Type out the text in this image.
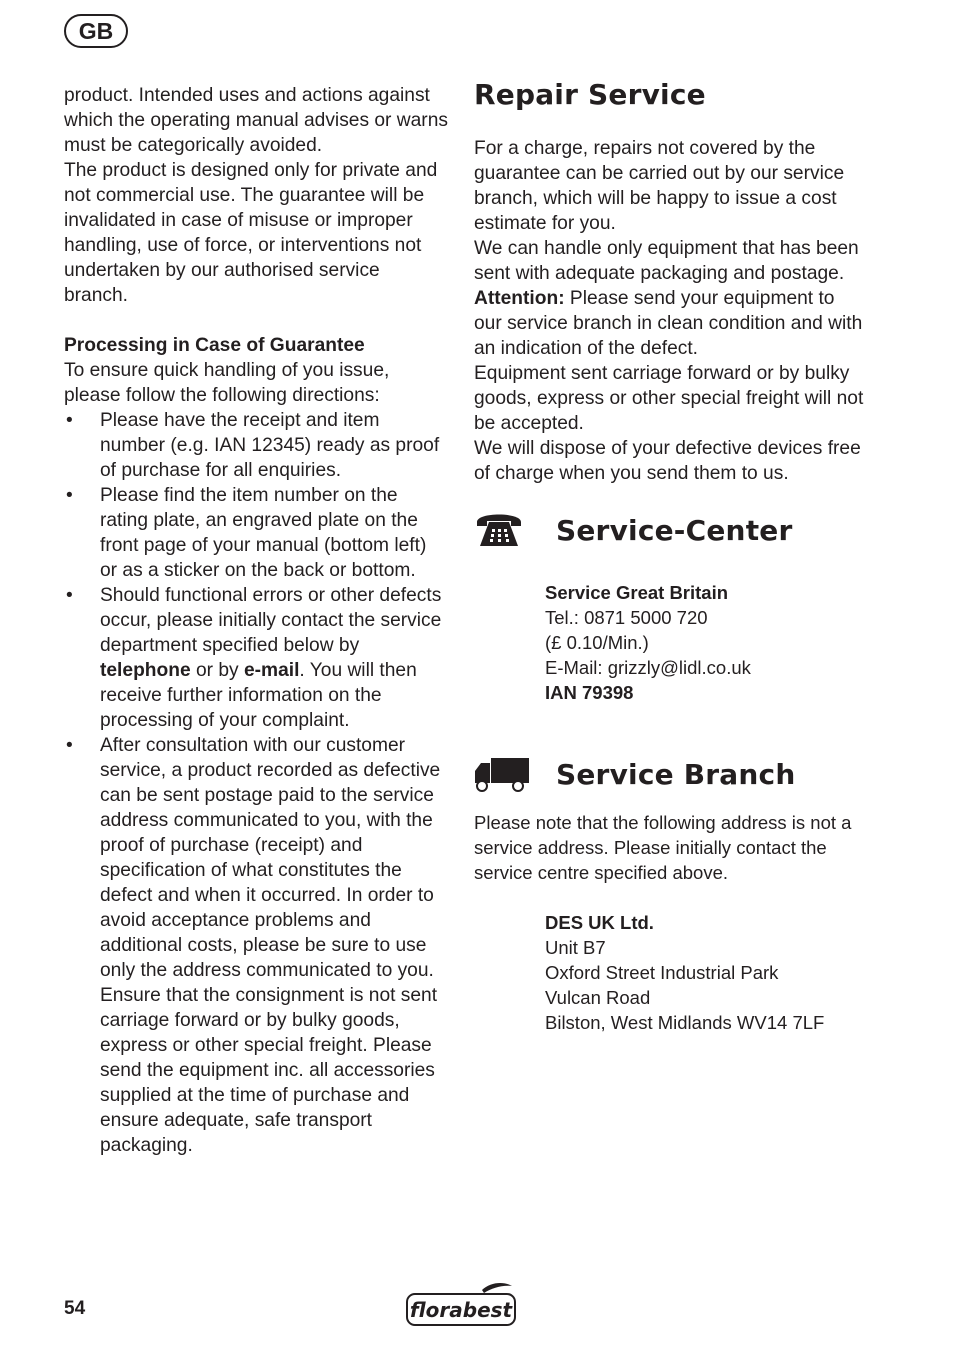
GB

product. Intended uses and actions against which the operating manual advises or warns must be categorically avoided.

The product is designed only for private and not commercial use. The guarantee will be invalidated in case of misuse or improper handling, use of force, or interventions not undertaken by our authorised service branch.

Processing in Case of Guarantee

To ensure quick handling of you issue, please follow the following directions:

• Please have the receipt and item number (e.g. IAN 12345) ready as proof of purchase for all enquiries.
• Please find the item number on the rating plate, an engraved plate on the front page of your manual (bottom left) or as a sticker on the back or bottom.
• Should functional errors or other defects occur, please initially contact the service department specified below by telephone or by e-mail. You will then receive further information on the processing of your complaint.
• After consultation with our customer service, a product recorded as defective can be sent postage paid to the service address communicated to you, with the proof of purchase (receipt) and specification of what constitutes the defect and when it occurred. In order to avoid acceptance problems and additional costs, please be sure to use only the address communicated to you. Ensure that the consignment is not sent carriage forward or by bulky goods, express or other special freight. Please send the equipment inc. all accessories supplied at the time of purchase and ensure adequate, safe transport packaging.
Repair Service

For a charge, repairs not covered by the guarantee can be carried out by our service branch, which will be happy to issue a cost estimate for you.

We can handle only equipment that has been sent with adequate packaging and postage.

Attention: Please send your equipment to our service branch in clean condition and with an indication of the defect.

Equipment sent carriage forward or by bulky goods, express or other special freight will not be accepted.

We will dispose of your defective devices free of charge when you send them to us.

Service-Center

Service Great Britain

Tel.: 0871 5000 720

(£ 0.10/Min.)

E-Mail: grizzly@lidl.co.uk

IAN 79398

Service Branch

Please note that the following address is not a service address. Please initially contact the service centre specified above.

DES UK Ltd.

Unit B7

Oxford Street Industrial Park

Vulcan Road

Bilston, West Midlands WV14 7LF

54	florabest
